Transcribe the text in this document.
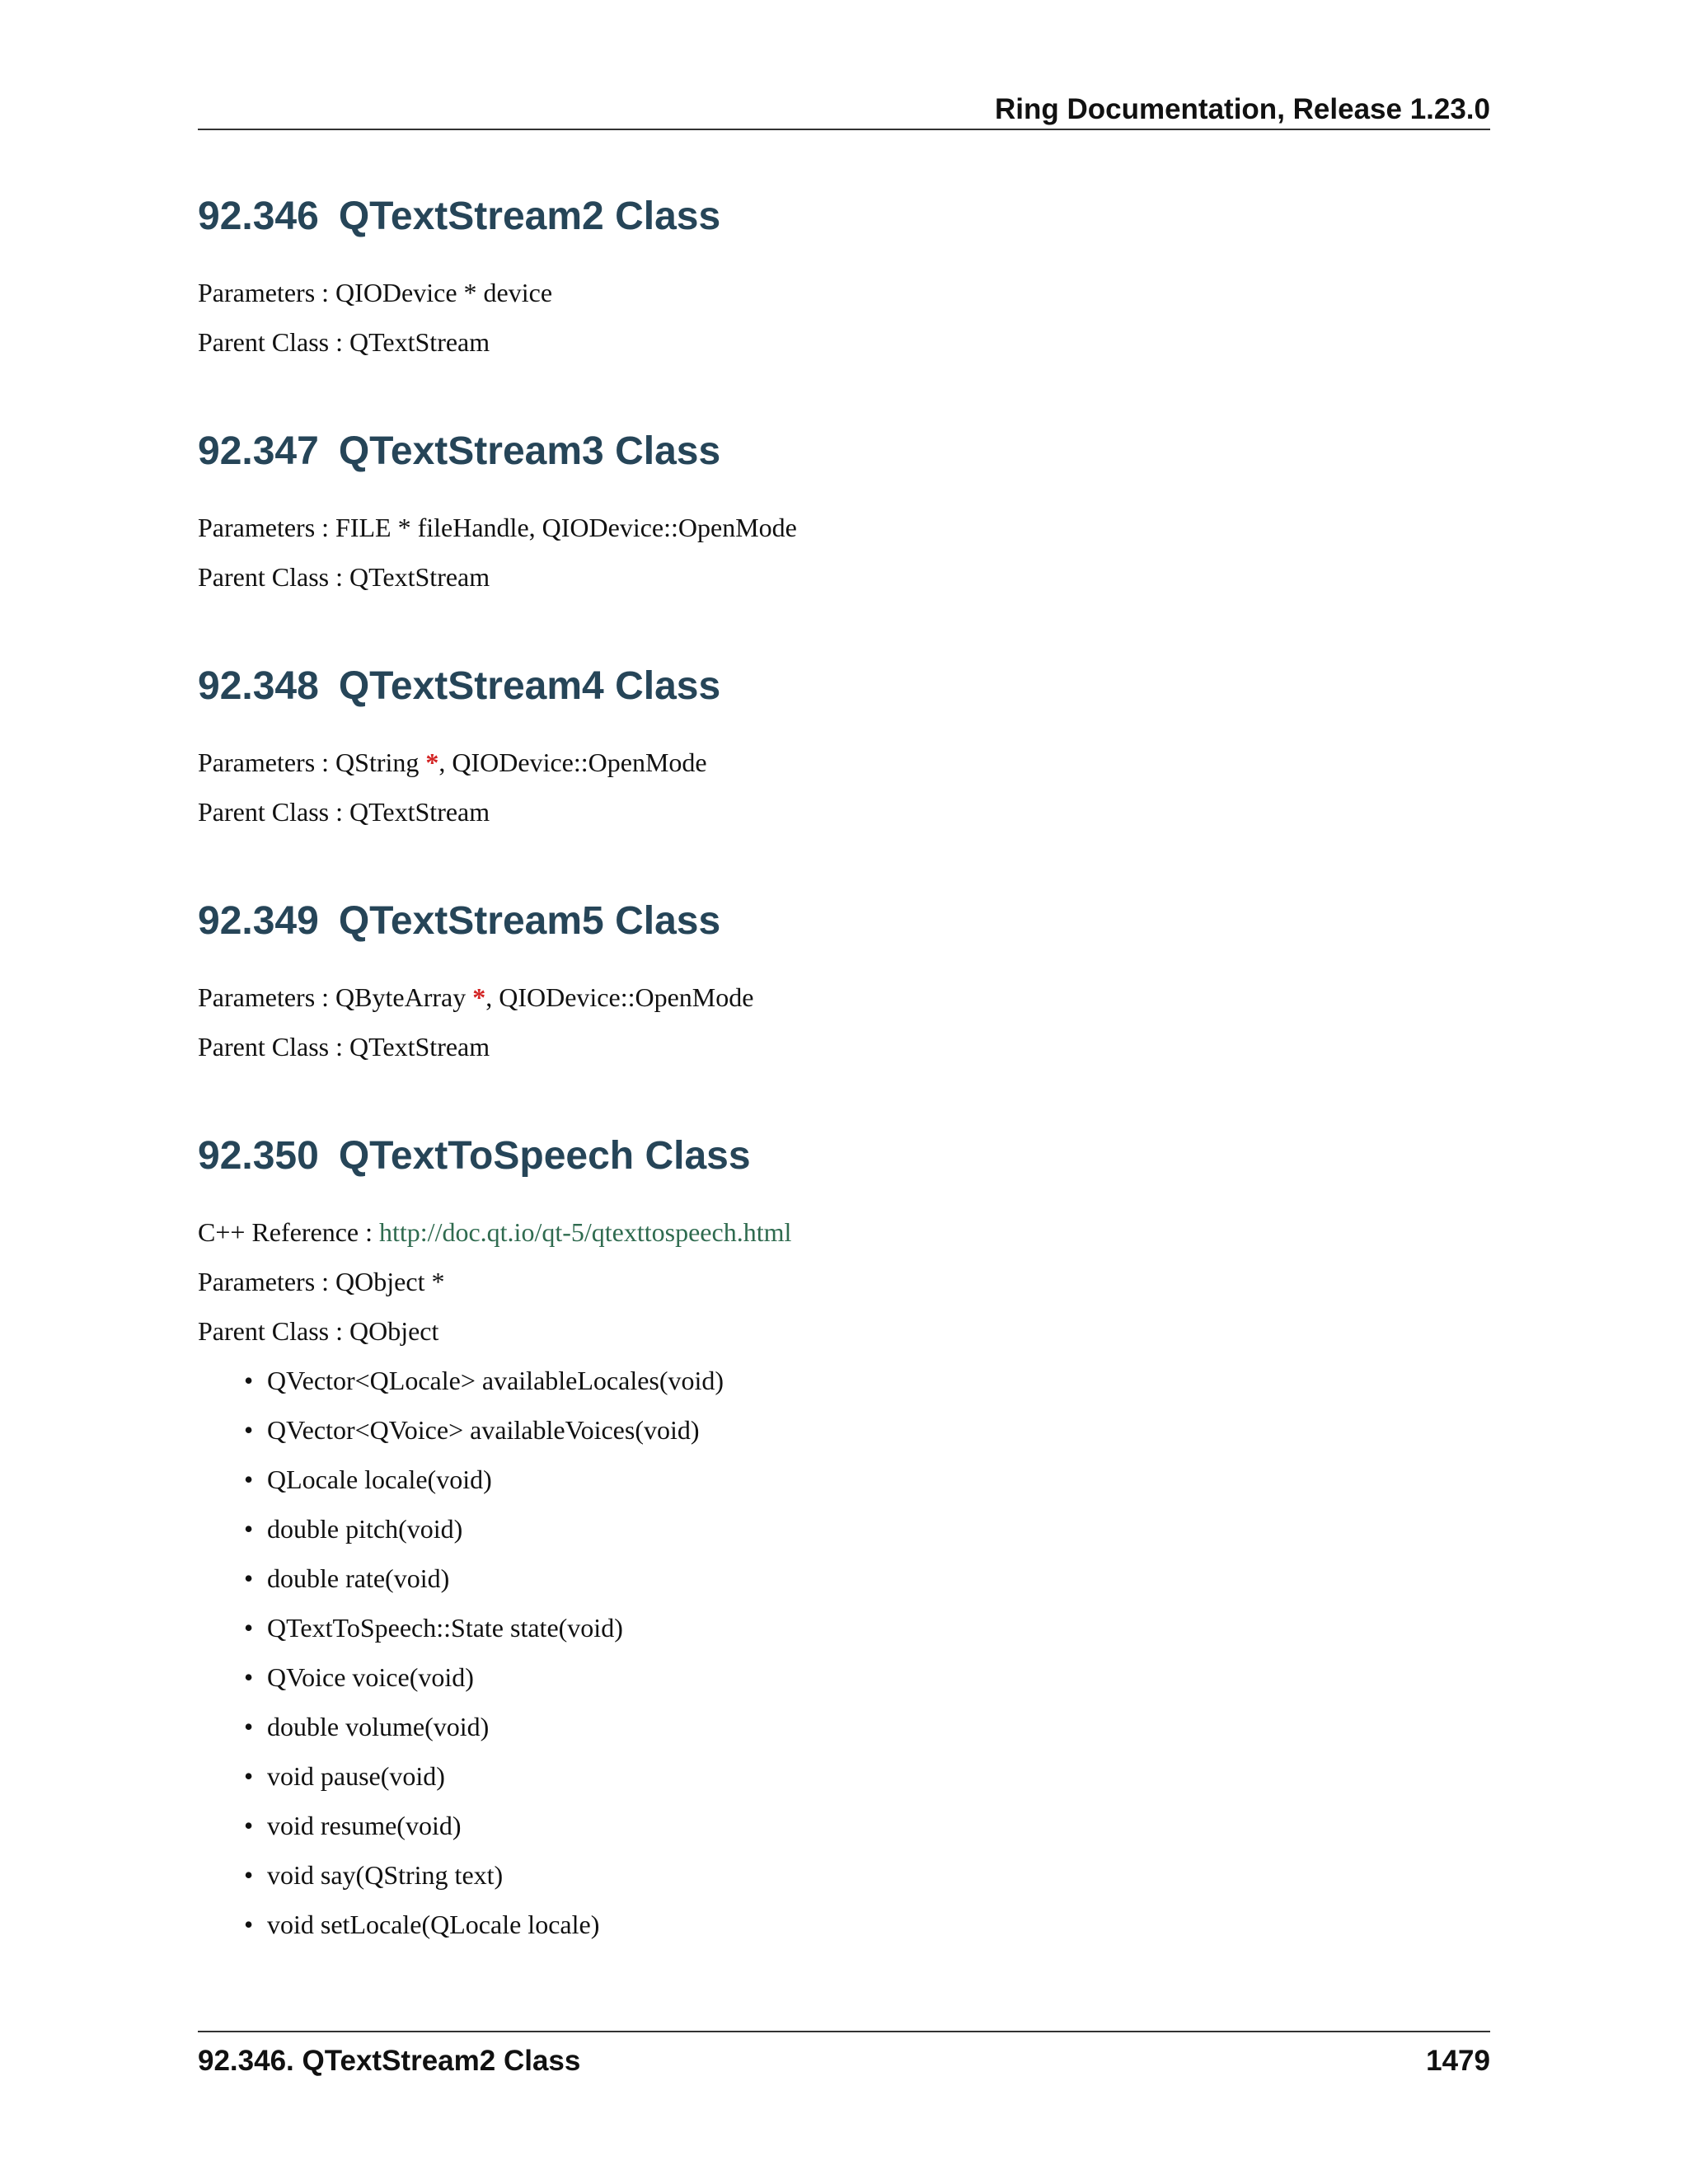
Ring Documentation, Release 1.23.0
92.346 QTextStream2 Class

Parameters : QIODevice * device

Parent Class : QTextStream

92.347 QTextStream3 Class

Parameters : FILE * fileHandle, QIODevice::OpenMode

Parent Class : QTextStream

92.348 QTextStream4 Class

Parameters : QString *, QIODevice::OpenMode

Parent Class : QTextStream

92.349 QTextStream5 Class

Parameters : QByteArray *, QIODevice::OpenMode

Parent Class : QTextStream

92.350 QTextToSpeech Class

C++ Reference : http://doc.qt.io/qt-5/qtexttospeech.html

Parameters : QObject *

Parent Class : QObject

• QVector<QLocale> availableLocales(void)
• QVector<QVoice> availableVoices(void)
• QLocale locale(void)
• double pitch(void)
• double rate(void)
• QTextToSpeech::State state(void)
• QVoice voice(void)
• double volume(void)
• void pause(void)
• void resume(void)
• void say(QString text)
• void setLocale(QLocale locale)
92.346. QTextStream2 Class	1479
